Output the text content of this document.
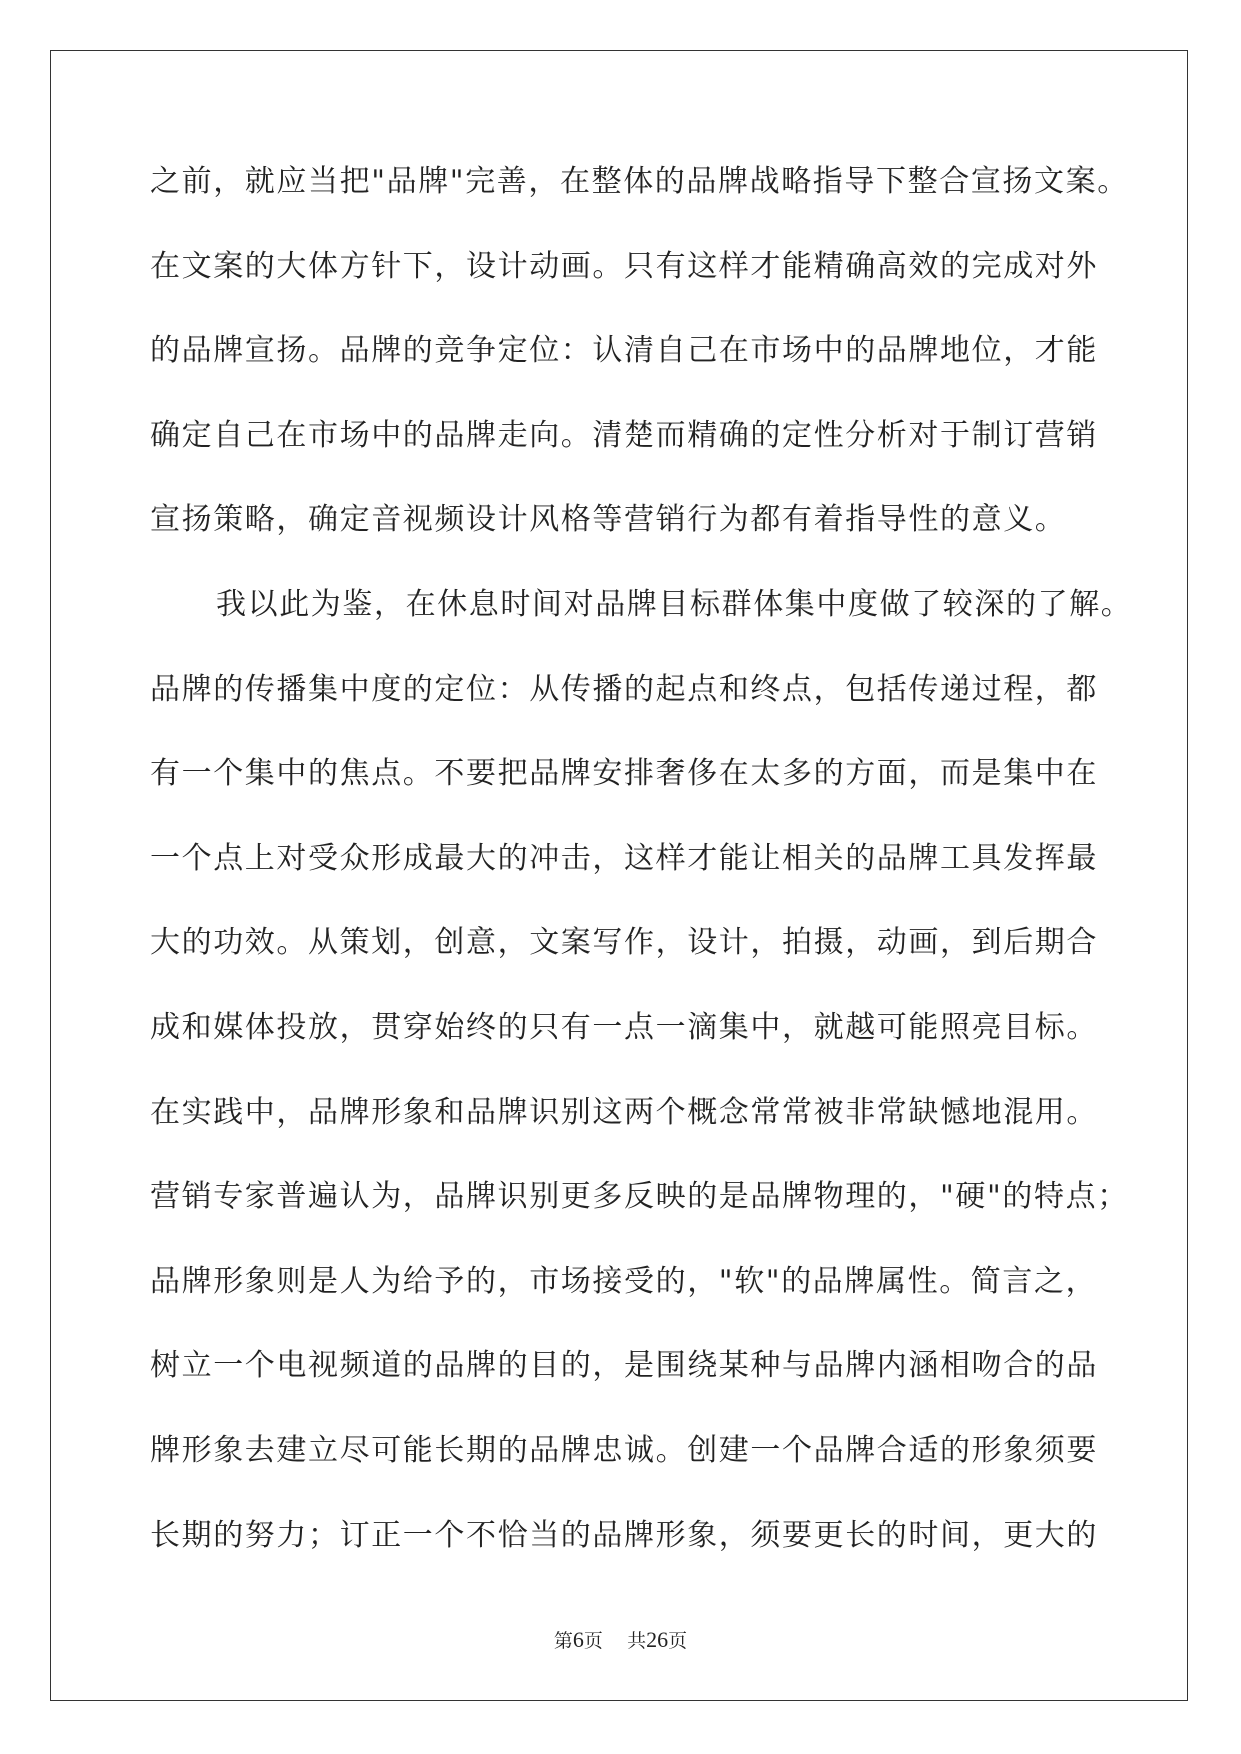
之前，就应当把"品牌"完善，在整体的品牌战略指导下整合宣扬文案。
在文案的大体方针下，设计动画。只有这样才能精确高效的完成对外
的品牌宣扬。品牌的竞争定位：认清自己在市场中的品牌地位，才能
确定自己在市场中的品牌走向。清楚而精确的定性分析对于制订营销
宣扬策略，确定音视频设计风格等营销行为都有着指导性的意义。
我以此为鉴，在休息时间对品牌目标群体集中度做了较深的了解。
品牌的传播集中度的定位：从传播的起点和终点，包括传递过程，都
有一个集中的焦点。不要把品牌安排奢侈在太多的方面，而是集中在
一个点上对受众形成最大的冲击，这样才能让相关的品牌工具发挥最
大的功效。从策划，创意，文案写作，设计，拍摄，动画，到后期合
成和媒体投放，贯穿始终的只有一点一滴集中，就越可能照亮目标。
在实践中，品牌形象和品牌识别这两个概念常常被非常缺憾地混用。
营销专家普遍认为，品牌识别更多反映的是品牌物理的，"硬"的特点；
品牌形象则是人为给予的，市场接受的，"软"的品牌属性。简言之，
树立一个电视频道的品牌的目的，是围绕某种与品牌内涵相吻合的品
牌形象去建立尽可能长期的品牌忠诚。创建一个品牌合适的形象须要
长期的努力；订正一个不恰当的品牌形象，须要更长的时间，更大的
第6页 共26页
